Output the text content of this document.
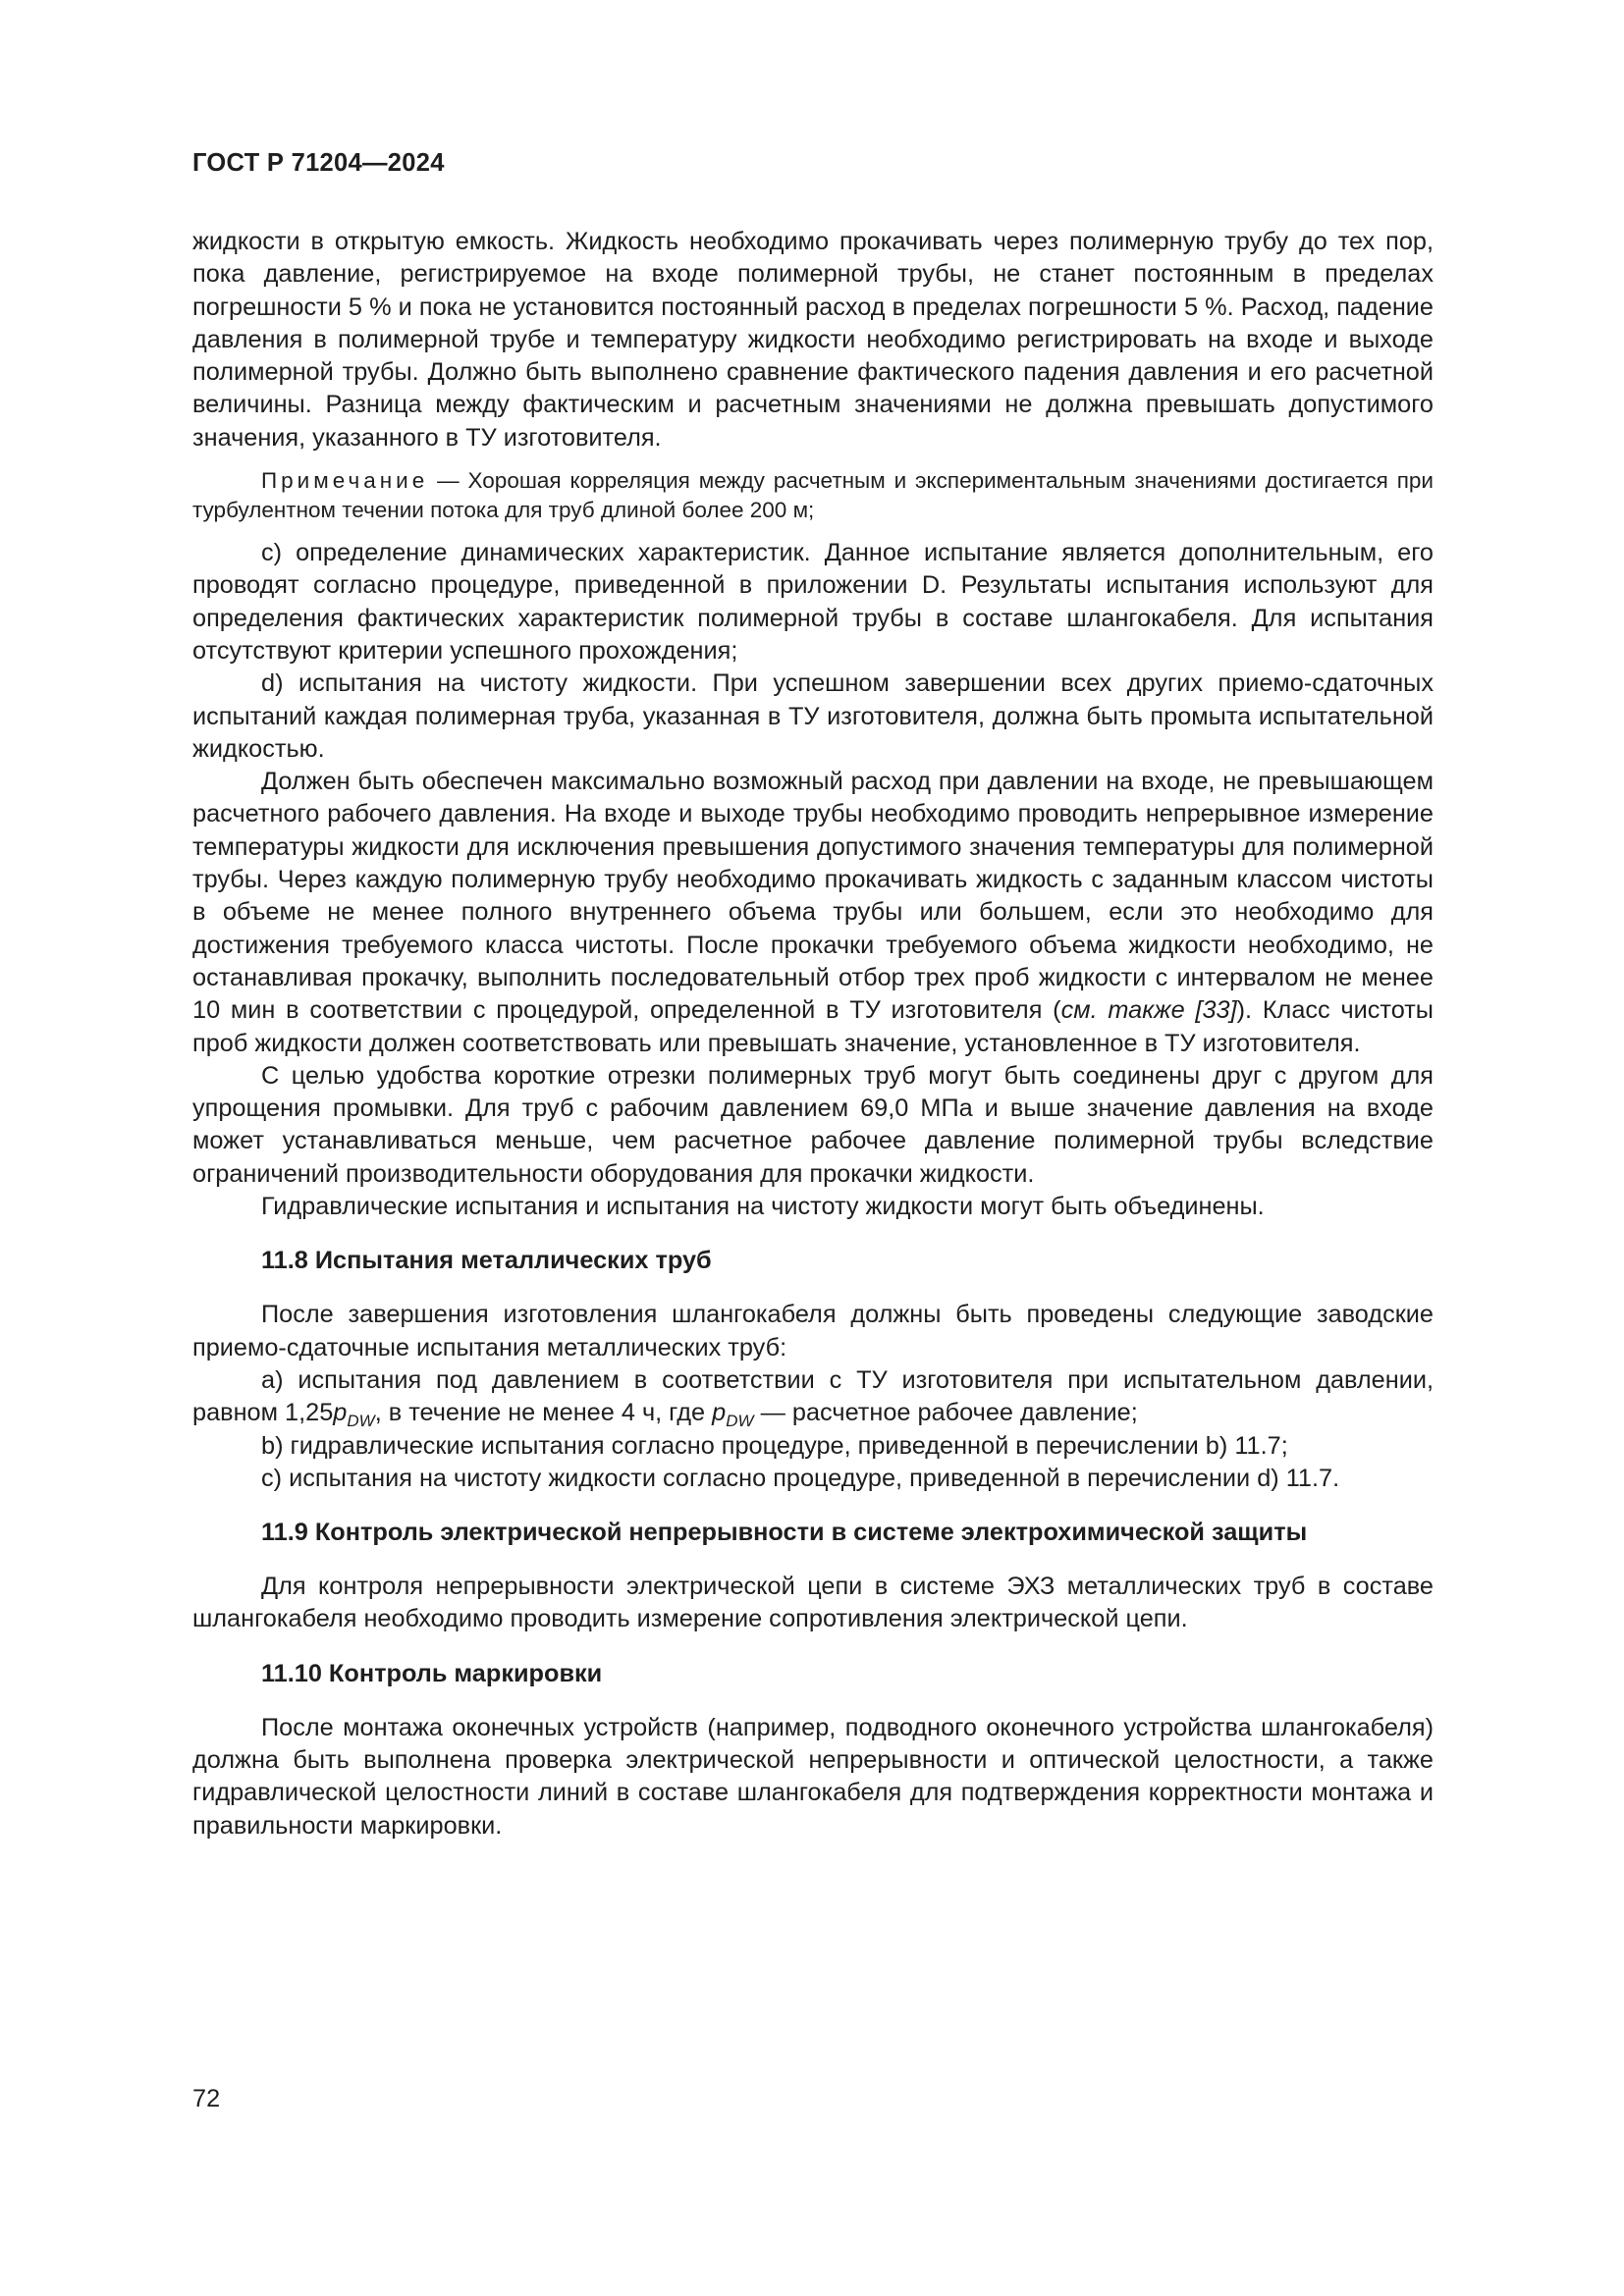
ГОСТ Р 71204—2024

жидкости в открытую емкость. Жидкость необходимо прокачивать через полимерную трубу до тех пор, пока давление, регистрируемое на входе полимерной трубы, не станет постоянным в пределах погрешности 5 % и пока не установится постоянный расход в пределах погрешности 5 %. Расход, падение давления в полимерной трубе и температуру жидкости необходимо регистрировать на входе и выходе полимерной трубы. Должно быть выполнено сравнение фактического падения давления и его расчетной величины. Разница между фактическим и расчетным значениями не должна превышать допустимого значения, указанного в ТУ изготовителя.

Примечание — Хорошая корреляция между расчетным и экспериментальным значениями достигается при турбулентном течении потока для труб длиной более 200 м;

c) определение динамических характеристик. Данное испытание является дополнительным, его проводят согласно процедуре, приведенной в приложении D. Результаты испытания используют для определения фактических характеристик полимерной трубы в составе шлангокабеля. Для испытания отсутствуют критерии успешного прохождения;

d) испытания на чистоту жидкости. При успешном завершении всех других приемо-сдаточных испытаний каждая полимерная труба, указанная в ТУ изготовителя, должна быть промыта испытательной жидкостью.

Должен быть обеспечен максимально возможный расход при давлении на входе, не превышающем расчетного рабочего давления. На входе и выходе трубы необходимо проводить непрерывное измерение температуры жидкости для исключения превышения допустимого значения температуры для полимерной трубы. Через каждую полимерную трубу необходимо прокачивать жидкость с заданным классом чистоты в объеме не менее полного внутреннего объема трубы или большем, если это необходимо для достижения требуемого класса чистоты. После прокачки требуемого объема жидкости необходимо, не останавливая прокачку, выполнить последовательный отбор трех проб жидкости с интервалом не менее 10 мин в соответствии с процедурой, определенной в ТУ изготовителя (см. также [33]). Класс чистоты проб жидкости должен соответствовать или превышать значение, установленное в ТУ изготовителя.

С целью удобства короткие отрезки полимерных труб могут быть соединены друг с другом для упрощения промывки. Для труб с рабочим давлением 69,0 МПа и выше значение давления на входе может устанавливаться меньше, чем расчетное рабочее давление полимерной трубы вследствие ограничений производительности оборудования для прокачки жидкости.

Гидравлические испытания и испытания на чистоту жидкости могут быть объединены.

11.8 Испытания металлических труб

После завершения изготовления шлангокабеля должны быть проведены следующие заводские приемо-сдаточные испытания металлических труб:

a) испытания под давлением в соответствии с ТУ изготовителя при испытательном давлении, равном $1,25p_{DW}$, в течение не менее 4 ч, где $p_{DW}$ — расчетное рабочее давление;

b) гидравлические испытания согласно процедуре, приведенной в перечислении b) 11.7;

c) испытания на чистоту жидкости согласно процедуре, приведенной в перечислении d) 11.7.

11.9 Контроль электрической непрерывности в системе электрохимической защиты

Для контроля непрерывности электрической цепи в системе ЭХЗ металлических труб в составе шлангокабеля необходимо проводить измерение сопротивления электрической цепи.

11.10 Контроль маркировки

После монтажа оконечных устройств (например, подводного оконечного устройства шлангокабеля) должна быть выполнена проверка электрической непрерывности и оптической целостности, а также гидравлической целостности линий в составе шлангокабеля для подтверждения корректности монтажа и правильности маркировки.

72
